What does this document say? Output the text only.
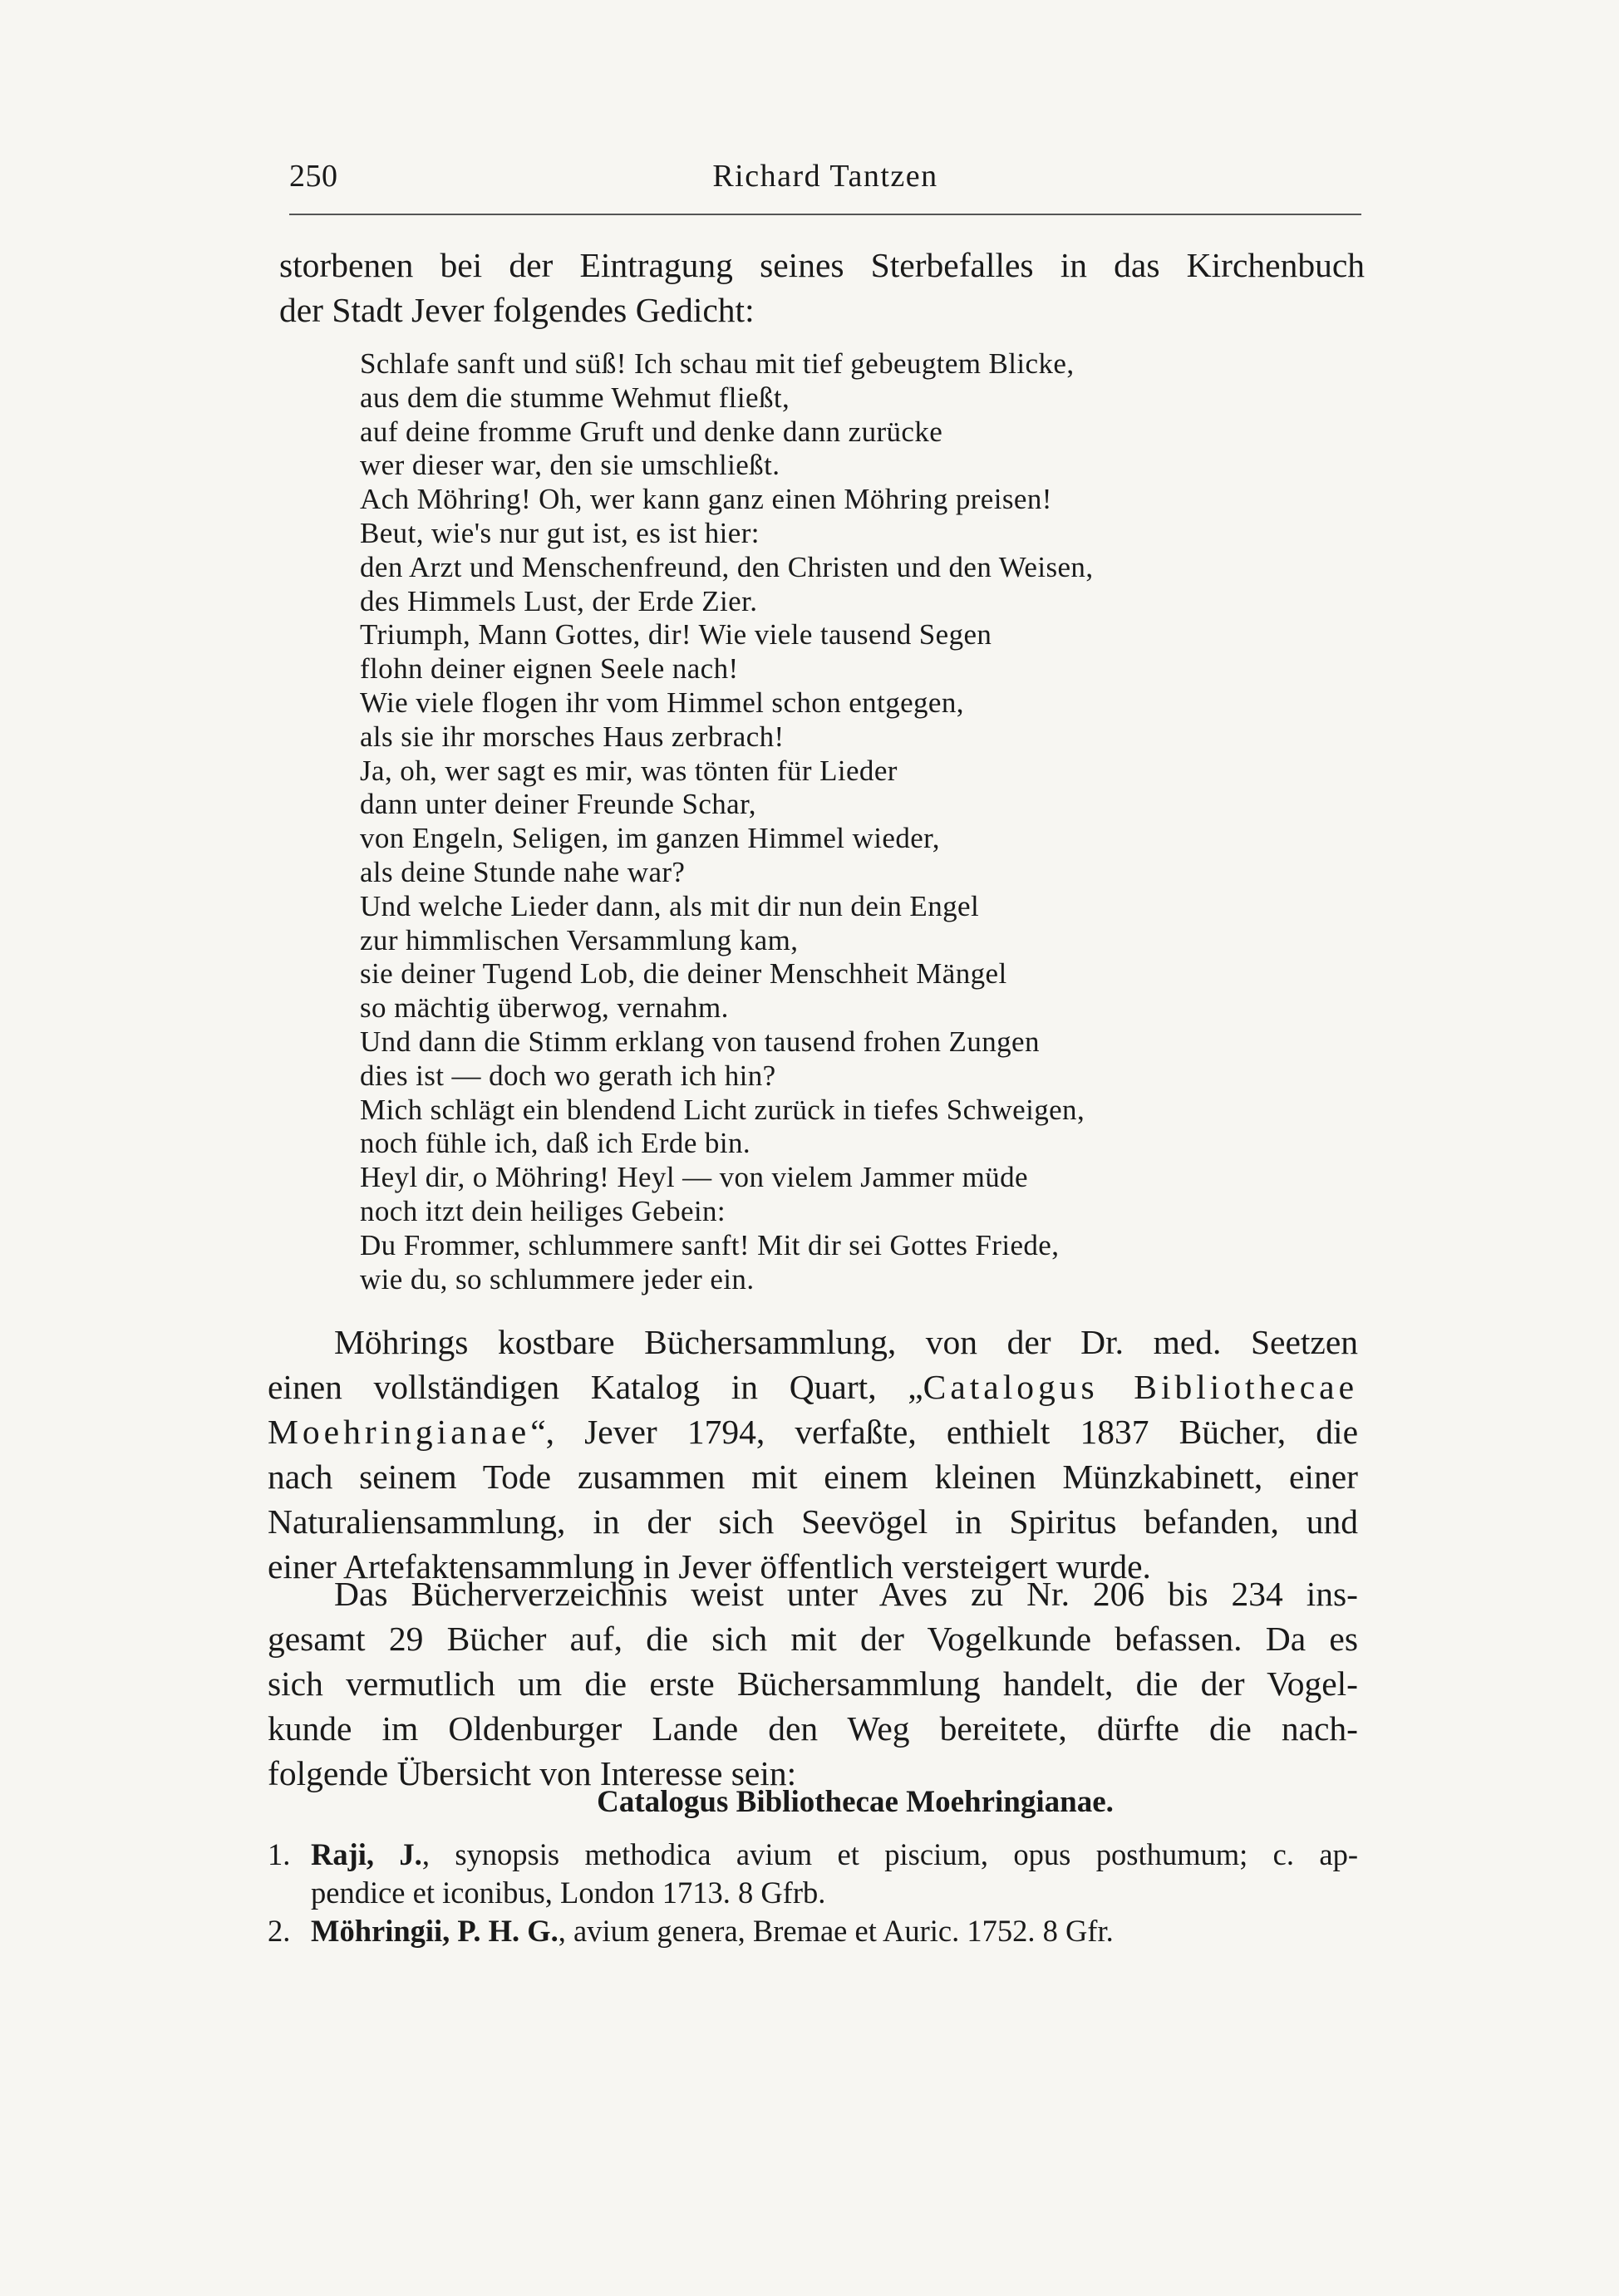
250	Richard Tantzen
storbenen bei der Eintragung seines Sterbefalles in das Kirchenbuch
der Stadt Jever folgendes Gedicht:
Schlafe sanft und süß! Ich schau mit tief gebeugtem Blicke,
aus dem die stumme Wehmut fließt,
auf deine fromme Gruft und denke dann zurücke
wer dieser war, den sie umschließt.
Ach Möhring! Oh, wer kann ganz einen Möhring preisen!
Beut, wie's nur gut ist, es ist hier:
den Arzt und Menschenfreund, den Christen und den Weisen,
des Himmels Lust, der Erde Zier.
Triumph, Mann Gottes, dir! Wie viele tausend Segen
flohn deiner eignen Seele nach!
Wie viele flogen ihr vom Himmel schon entgegen,
als sie ihr morsches Haus zerbrach!
Ja, oh, wer sagt es mir, was tönten für Lieder
dann unter deiner Freunde Schar,
von Engeln, Seligen, im ganzen Himmel wieder,
als deine Stunde nahe war?
Und welche Lieder dann, als mit dir nun dein Engel
zur himmlischen Versammlung kam,
sie deiner Tugend Lob, die deiner Menschheit Mängel
so mächtig überwog, vernahm.
Und dann die Stimm erklang von tausend frohen Zungen
dies ist — doch wo gerath ich hin?
Mich schlägt ein blendend Licht zurück in tiefes Schweigen,
noch fühle ich, daß ich Erde bin.
Heyl dir, o Möhring! Heyl — von vielem Jammer müde
noch itzt dein heiliges Gebein:
Du Frommer, schlummere sanft! Mit dir sei Gottes Friede,
wie du, so schlummere jeder ein.
Möhrings kostbare Büchersammlung, von der Dr. med. Seetzen
einen vollständigen Katalog in Quart, „Catalogus Bibliothecae
Moehringianae“, Jever 1794, verfaßte, enthielt 1837 Bücher, die
nach seinem Tode zusammen mit einem kleinen Münzkabinett, einer
Naturaliensammlung, in der sich Seevögel in Spiritus befanden, und
einer Artefaktensammlung in Jever öffentlich versteigert wurde.
Das Bücherverzeichnis weist unter Aves zu Nr. 206 bis 234 ins-
gesamt 29 Bücher auf, die sich mit der Vogelkunde befassen. Da es
sich vermutlich um die erste Büchersammlung handelt, die der Vogel-
kunde im Oldenburger Lande den Weg bereitete, dürfte die nach-
folgende Übersicht von Interesse sein:
Catalogus Bibliothecae Moehringianae.
1. Raji, J., synopsis methodica avium et piscium, opus posthumum; c. ap-
pendice et iconibus, London 1713. 8 Gfrb.
2. Möhringii, P. H. G., avium genera, Bremae et Auric. 1752. 8 Gfr.
